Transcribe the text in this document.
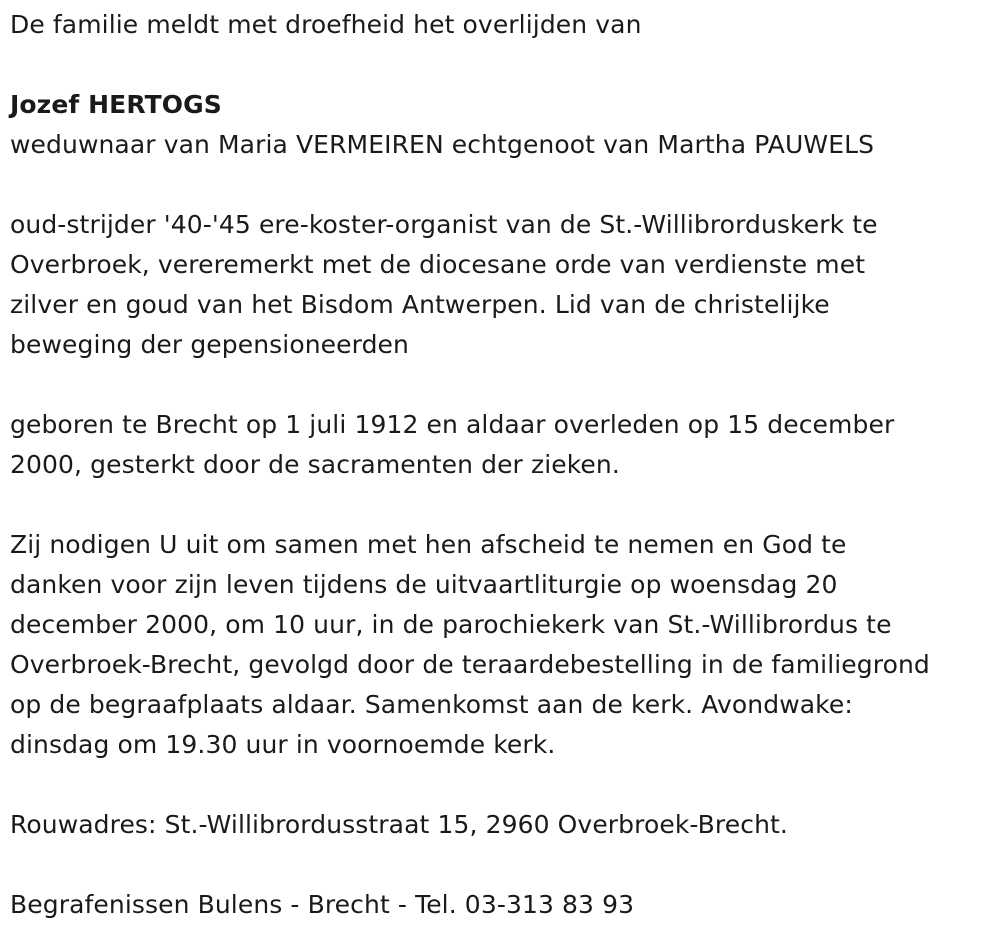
De familie meldt met droefheid het overlijden van

Jozef HERTOGS

weduwnaar van Maria VERMEIREN echtgenoot van Martha PAUWELS

oud-strijder '40-'45 ere-koster-organist van de St.-Willibrorduskerk te

Overbroek, vereremerkt met de diocesane orde van verdienste met

zilver en goud van het Bisdom Antwerpen. Lid van de christelijke

beweging der gepensioneerden

geboren te Brecht op 1 juli 1912 en aldaar overleden op 15 december

2000, gesterkt door de sacramenten der zieken.

Zij nodigen U uit om samen met hen afscheid te nemen en God te

danken voor zijn leven tijdens de uitvaartliturgie op woensdag 20

december 2000, om 10 uur, in de parochiekerk van St.-Willibrordus te

Overbroek-Brecht, gevolgd door de teraardebestelling in de familiegrond

op de begraafplaats aldaar. Samenkomst aan de kerk. Avondwake:

dinsdag om 19.30 uur in voornoemde kerk.

Rouwadres: St.-Willibrordusstraat 15, 2960 Overbroek-Brecht.

Begrafenissen Bulens - Brecht - Tel. 03-313 83 93
